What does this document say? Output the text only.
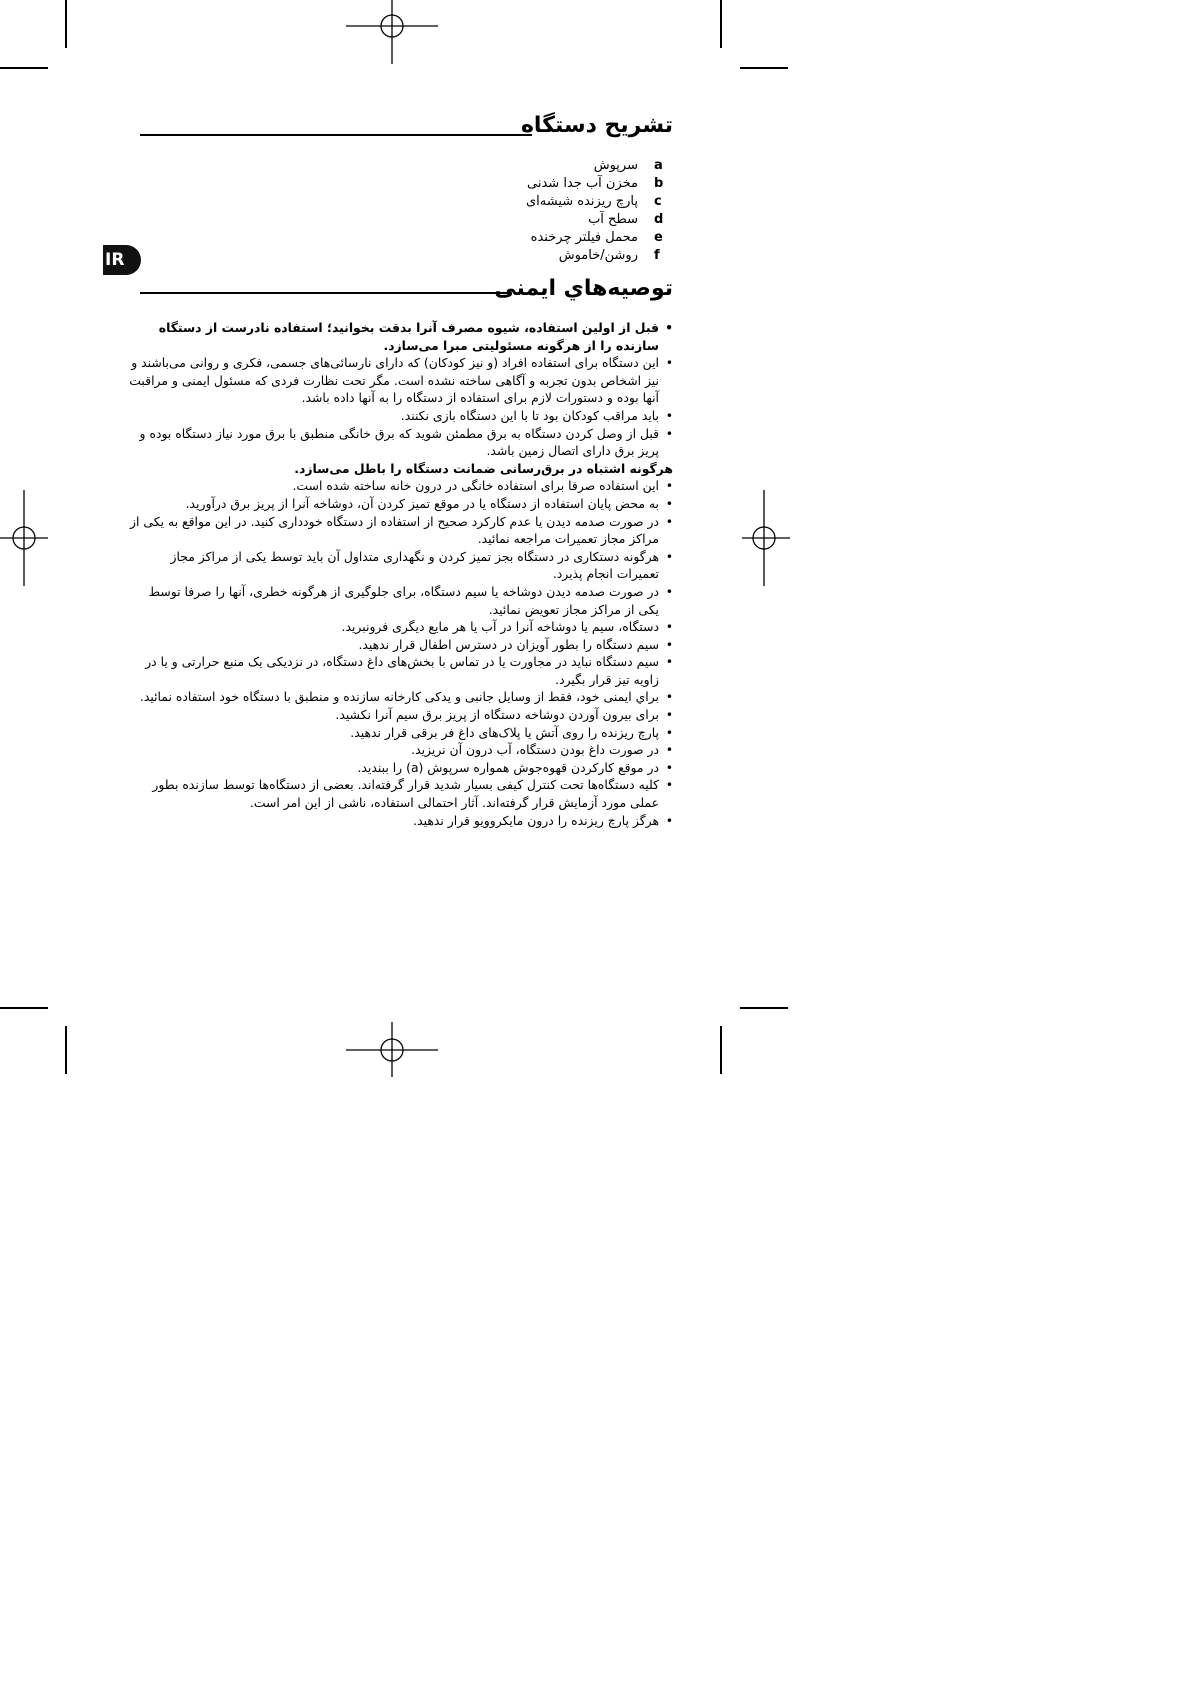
تشریح دستگاه
a
سرپوش
b
مخزن آب جدا شدنی
c
پارچ ریزنده شیشه‌ای
d
سطح آب
e
محمل فیلتر چرخنده
f
روشن/خاموش
IR
توصیه‌هاي ایمنی

•
قبل از اولین استفاده، شیوه مصرف آنرا بدقت بخوانید؛ استفاده نادرست از دستگاه سازنده را از هرگونه مسئولیتی مبرا می‌سازد.

•
این دستگاه برای استفاده افراد (و نیز کودکان) که دارای نارسائی‌های جسمی، فکری و روانی می‌باشند و نیز اشخاص بدون تجربه و آگاهی ساخته نشده است. مگر تحت نظارت فردی که مسئول ایمنی و مراقبت آنها بوده و دستورات لازم برای استفاده از دستگاه را به آنها داده باشد.

•
باید مراقب کودکان بود تا با این دستگاه بازی نکنند.

•
قبل از وصل کردن دستگاه به برق مطمئن شوید که برق خانگی منطبق با برق مورد نیاز دستگاه بوده و پریز برق دارای اتصال زمین باشد.

هرگونه اشتباه در برق‌رسانی ضمانت دستگاه را باطل می‌سازد.

•
این استفاده صرفا برای استفاده خانگی در درون خانه ساخته شده است.

•
به محض پایان استفاده از دستگاه یا در موقع تمیز کردن آن، دوشاخه آنرا از پریز برق درآورید.

•
در صورت صدمه دیدن یا عدم کارکرد صحیح از استفاده از دستگاه خودداری کنید. در این مواقع به یکی از مراکز مجاز تعمیرات مراجعه نمائید.

•
هرگونه دستکاری در دستگاه بجز تمیز کردن و نگهداری متداول آن باید توسط یکی از مراکز مجاز تعمیرات انجام پذیرد.

•
در صورت صدمه دیدن دوشاخه یا سیم دستگاه، برای جلوگیری از هرگونه خطری، آنها را صرفا توسط یکی از مراکز مجاز تعویض نمائید.

•
دستگاه، سیم یا دوشاخه آنرا در آب یا هر مایع دیگری فرونبرید.

•
سیم دستگاه را بطور آویزان در دسترس اطفال قرار ندهید.

•
سیم دستگاه نباید در مجاورت یا در تماس با بخش‌های داغ دستگاه، در نزدیکی یک منبع حرارتی و یا در زاویه تیز قرار بگیرد.

•
براي ایمنی خود، فقط از وسایل جانبی و یدکی کارخانه سازنده و منطبق با دستگاه خود استفاده نمائید.

•
برای بیرون آوردن دوشاخه دستگاه از پریز برق سیم آنرا نکشید.

•
پارچ ریزنده را روی آتش یا پلاک‌های داغ فر برقی قرار ندهید.

•
در صورت داغ بودن دستگاه، آب درون آن نریزید.

•
در موقع کارکردن قهوه‌جوش همواره سرپوش (a) را ببندید.

•
کلیه دستگاه‌ها تحت کنترل کیفی بسیار شدید قرار گرفته‌اند. بعضی از دستگاه‌ها توسط سازنده بطور عملی مورد آزمایش قرار گرفته‌اند. آثار احتمالی استفاده، ناشی از این امر است.

•
هرگز پارچ ریزنده را درون مایکروویو قرار ندهید.
